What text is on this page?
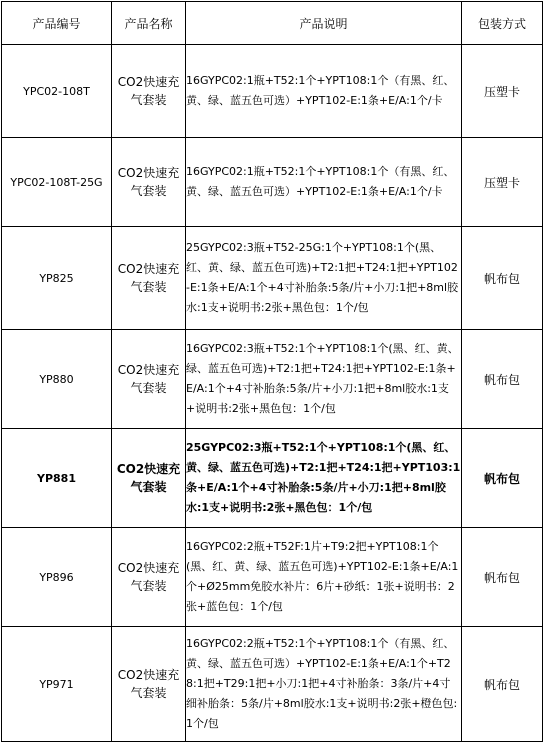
产品编号	产品名称	产品说明	包装方式
YPC02-108T	CO2快速充气套装	16GYPC02:1瓶+T52:1个+YPT108:1个（有黑、红、黄、绿、蓝五色可选）+YPT102-E:1条+E/A:1个/卡	压塑卡
YPC02-108T-25G	CO2快速充气套装	16GYPC02:1瓶+T52:1个+YPT108:1个（有黑、红、黄、绿、蓝五色可选）+YPT102-E:1条+E/A:1个/卡	压塑卡
YP825	CO2快速充气套装	25GYPC02:3瓶+T52-25G:1个+YPT108:1个(黑、红、黄、绿、蓝五色可选)+T2:1把+T24:1把+YPT102-E:1条+E/A:1个+4寸补胎条:5条/片+小刀:1把+8ml胶水:1支+说明书:2张+黑色包：1个/包	帆布包
YP880	CO2快速充气套装	16GYPC02:3瓶+T52:1个+YPT108:1个(黑、红、黄、绿、蓝五色可选)+T2:1把+T24:1把+YPT102-E:1条+E/A:1个+4寸补胎条:5条/片+小刀:1把+8ml胶水:1支+说明书:2张+黑色包：1个/包	帆布包
YP881	CO2快速充气套装	25GYPC02:3瓶+T52:1个+YPT108:1个(黑、红、黄、绿、蓝五色可选)+T2:1把+T24:1把+YPT103:1条+E/A:1个+4寸补胎条:5条/片+小刀:1把+8ml胶水:1支+说明书:2张+黑色包：1个/包	帆布包
YP896	CO2快速充气套装	16GYPC02:2瓶+T52F:1片+T9:2把+YPT108:1个(黑、红、黄、绿、蓝五色可选)+YPT102-E:1条+E/A:1个+Ø25mm免胶水补片：6片+砂纸：1张+说明书：2张+蓝色包：1个/包	帆布包
YP971	CO2快速充气套装	16GYPC02:2瓶+T52:1个+YPT108:1个（有黑、红、黄、绿、蓝五色可选）+YPT102-E:1条+E/A:1个+T28:1把+T29:1把+小刀:1把+4寸补胎条：3条/片+4寸细补胎条：5条/片+8ml胶水:1支+说明书:2张+橙色包:1个/包	帆布包
